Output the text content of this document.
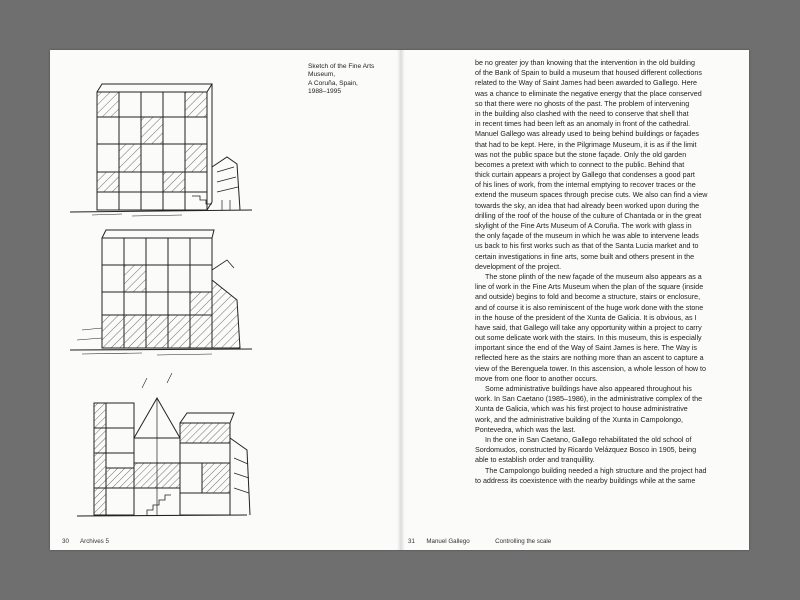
Sketch of the Fine Arts
Museum,
A Coruña, Spain,
1988–1995
30 Archives 5
be no greater joy than knowing that the intervention in the old building
of the Bank of Spain to build a museum that housed different collections
related to the Way of Saint James had been awarded to Gallego. Here
was a chance to eliminate the negative energy that the place conserved
so that there were no ghosts of the past. The problem of intervening
in the building also clashed with the need to conserve that shell that
in recent times had been left as an anomaly in front of the cathedral.
Manuel Gallego was already used to being behind buildings or façades
that had to be kept. Here, in the Pilgrimage Museum, it is as if the limit
was not the public space but the stone façade. Only the old garden
becomes a pretext with which to connect to the public. Behind that
thick curtain appears a project by Gallego that condenses a good part
of his lines of work, from the internal emptying to recover traces or the
extend the museum spaces through precise cuts. We also can find a view
towards the sky, an idea that had already been worked upon during the
drilling of the roof of the house of the culture of Chantada or in the great
skylight of the Fine Arts Museum of A Coruña. The work with glass in
the only façade of the museum in which he was able to intervene leads
us back to his first works such as that of the Santa Lucia market and to
certain investigations in fine arts, some built and others present in the
development of the project.
The stone plinth of the new façade of the museum also appears as a
line of work in the Fine Arts Museum when the plan of the square (inside
and outside) begins to fold and become a structure, stairs or enclosure,
and of course it is also reminiscent of the huge work done with the stone
in the house of the president of the Xunta de Galicia. It is obvious, as I
have said, that Gallego will take any opportunity within a project to carry
out some delicate work with the stairs. In this museum, this is especially
important since the end of the Way of Saint James is here. The Way is
reflected here as the stairs are nothing more than an ascent to capture a
view of the Berenguela tower. In this ascension, a whole lesson of how to
move from one floor to another occurs.
Some administrative buildings have also appeared throughout his
work. In San Caetano (1985–1986), in the administrative complex of the
Xunta de Galicia, which was his first project to house administrative
work, and the administrative building of the Xunta in Campolongo,
Pontevedra, which was the last.
In the one in San Caetano, Gallego rehabilitated the old school of
Sordomudos, constructed by Ricardo Velázquez Bosco in 1905, being
able to establish order and tranquillity.
The Campolongo building needed a high structure and the project had
to address its coexistence with the nearby buildings while at the same
31 Manuel Gallego	Controlling the scale
